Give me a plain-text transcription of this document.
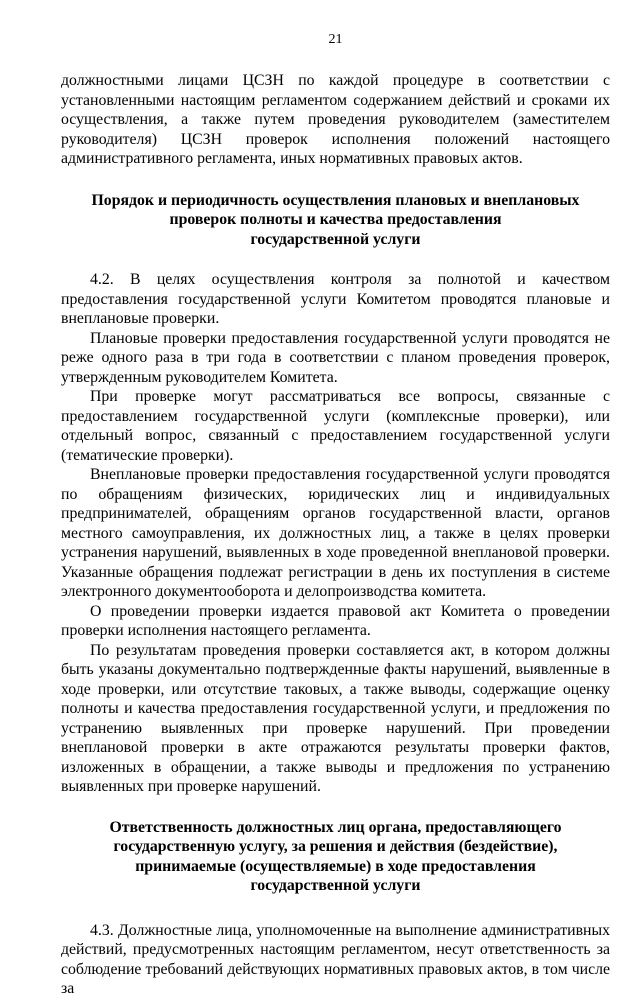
21

должностными лицами ЦСЗН по каждой процедуре в соответствии с установленными настоящим регламентом содержанием действий и сроками их осуществления, а также путем проведения руководителем (заместителем руководителя) ЦСЗН проверок исполнения положений настоящего административного регламента, иных нормативных правовых актов.

Порядок и периодичность осуществления плановых и внеплановых
проверок полноты и качества предоставления
государственной услуги

4.2. В целях осуществления контроля за полнотой и качеством предоставления государственной услуги Комитетом проводятся плановые и внеплановые проверки.

Плановые проверки предоставления государственной услуги проводятся не реже одного раза в три года в соответствии с планом проведения проверок, утвержденным руководителем Комитета.

При проверке могут рассматриваться все вопросы, связанные с предоставлением государственной услуги (комплексные проверки), или отдельный вопрос, связанный с предоставлением государственной услуги (тематические проверки).

Внеплановые проверки предоставления государственной услуги проводятся по обращениям физических, юридических лиц и индивидуальных предпринимателей, обращениям органов государственной власти, органов местного самоуправления, их должностных лиц, а также в целях проверки устранения нарушений, выявленных в ходе проведенной внеплановой проверки. Указанные обращения подлежат регистрации в день их поступления в системе электронного документооборота и делопроизводства комитета.

О проведении проверки издается правовой акт Комитета о проведении проверки исполнения настоящего регламента.

По результатам проведения проверки составляется акт, в котором должны быть указаны документально подтвержденные факты нарушений, выявленные в ходе проверки, или отсутствие таковых, а также выводы, содержащие оценку полноты и качества предоставления государственной услуги, и предложения по устранению выявленных при проверке нарушений. При проведении внеплановой проверки в акте отражаются результаты проверки фактов, изложенных в обращении, а также выводы и предложения по устранению выявленных при проверке нарушений.

Ответственность должностных лиц органа, предоставляющего
государственную услугу, за решения и действия (бездействие),
принимаемые (осуществляемые) в ходе предоставления
государственной услуги

4.3. Должностные лица, уполномоченные на выполнение административных действий, предусмотренных настоящим регламентом, несут ответственность за соблюдение требований действующих нормативных правовых актов, в том числе за
